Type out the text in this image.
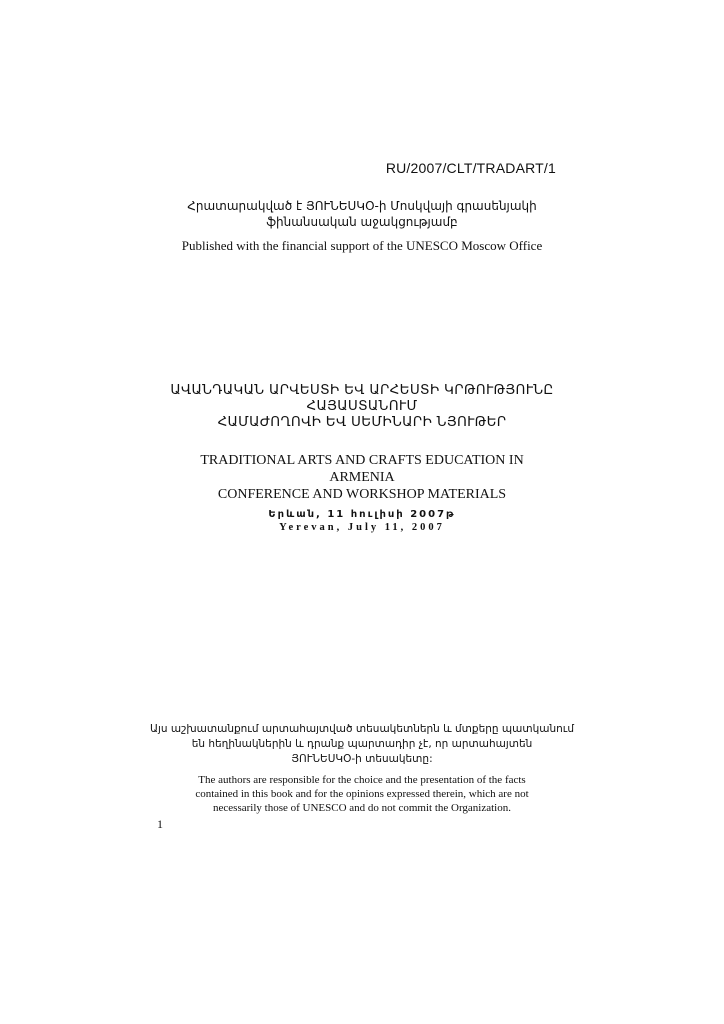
RU/2007/CLT/TRADART/1
Հրատարակված է ՅՈՒՆԵՍԿՕ-ի Մոսկվայի գրասենյակի
ֆինանսական աջակցությամբ
Published with the financial support of the UNESCO Moscow Office
ԱՎԱՆԴԱԿԱՆ ԱՐՎԵՍՏԻ ԵՎ ԱՐՀԵՍՏԻ ԿՐԹՈՒԹՅՈՒՆԸ
ՀԱՅԱՍՏԱՆՈՒՄ
ՀԱՄԱԺՈՂՈՎԻ ԵՎ ՍԵՄԻՆԱՐԻ ՆՅՈՒԹԵՐ
TRADITIONAL ARTS AND CRAFTS EDUCATION IN
ARMENIA
CONFERENCE AND WORKSHOP MATERIALS
Երևան, 11 հուլիսի 2007թ
Yerevan, July 11, 2007
Այս աշխատանքում արտահայտված տեսակետներն և մտքերը պատկանում
են հեղինակներին և դրանք պարտադիր չէ, որ արտահայտեն
ՅՈՒՆԵՍԿՕ-ի տեսակետը:
The authors are responsible for the choice and the presentation of the facts
contained in this book and for the opinions expressed therein, which are not
necessarily those of UNESCO and do not commit the Organization.
1
